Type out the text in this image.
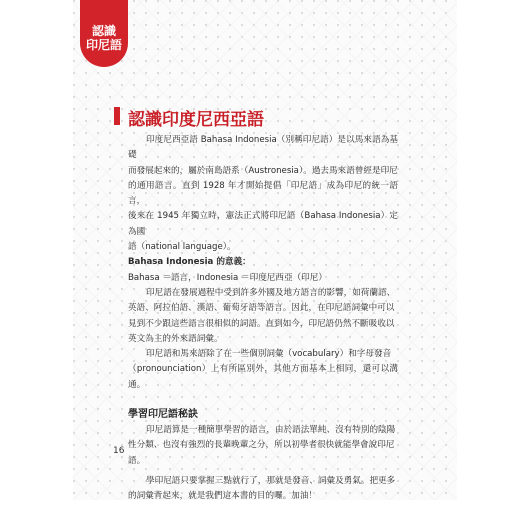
認識
印尼語
認識印度尼西亞語

印度尼西亞語 Bahasa Indonesia（別稱印尼語）是以馬來語為基礎

而發展起來的，屬於南島語系（Austronesia）。過去馬來語曾經是印尼

的通用語言。直到 1928 年才開始提倡「印尼語」成為印尼的統一語言，

後來在 1945 年獨立時，憲法正式將印尼語（Bahasa Indonesia）定為國

語（national language）。

Bahasa Indonesia 的意義：

Bahasa ＝語言，Indonesia ＝印度尼西亞（印尼）

印尼語在發展過程中受到許多外國及地方語言的影響，如荷蘭語、

英語、阿拉伯語、漢語、葡萄牙語等語言。因此，在印尼語詞彙中可以

見到不少跟這些語言很相似的詞語。直到如今，印尼語仍然不斷吸收以

英文為主的外來語詞彙。

印尼語和馬來語除了在一些個別詞彙（vocabulary）和字母發音

（pronounciation）上有所區別外，其他方面基本上相同，還可以溝通。

學習印尼語秘訣

印尼語算是一種簡單學習的語言，由於語法單純、沒有特別的陰陽

性分類、也沒有強烈的長輩晚輩之分，所以初學者很快就能學會說印尼

語。

學印尼語只要掌握三點就行了，那就是發音、詞彙及勇氣。把更多

的詞彙背起來，就是我們這本書的目的囉。加油！

16
